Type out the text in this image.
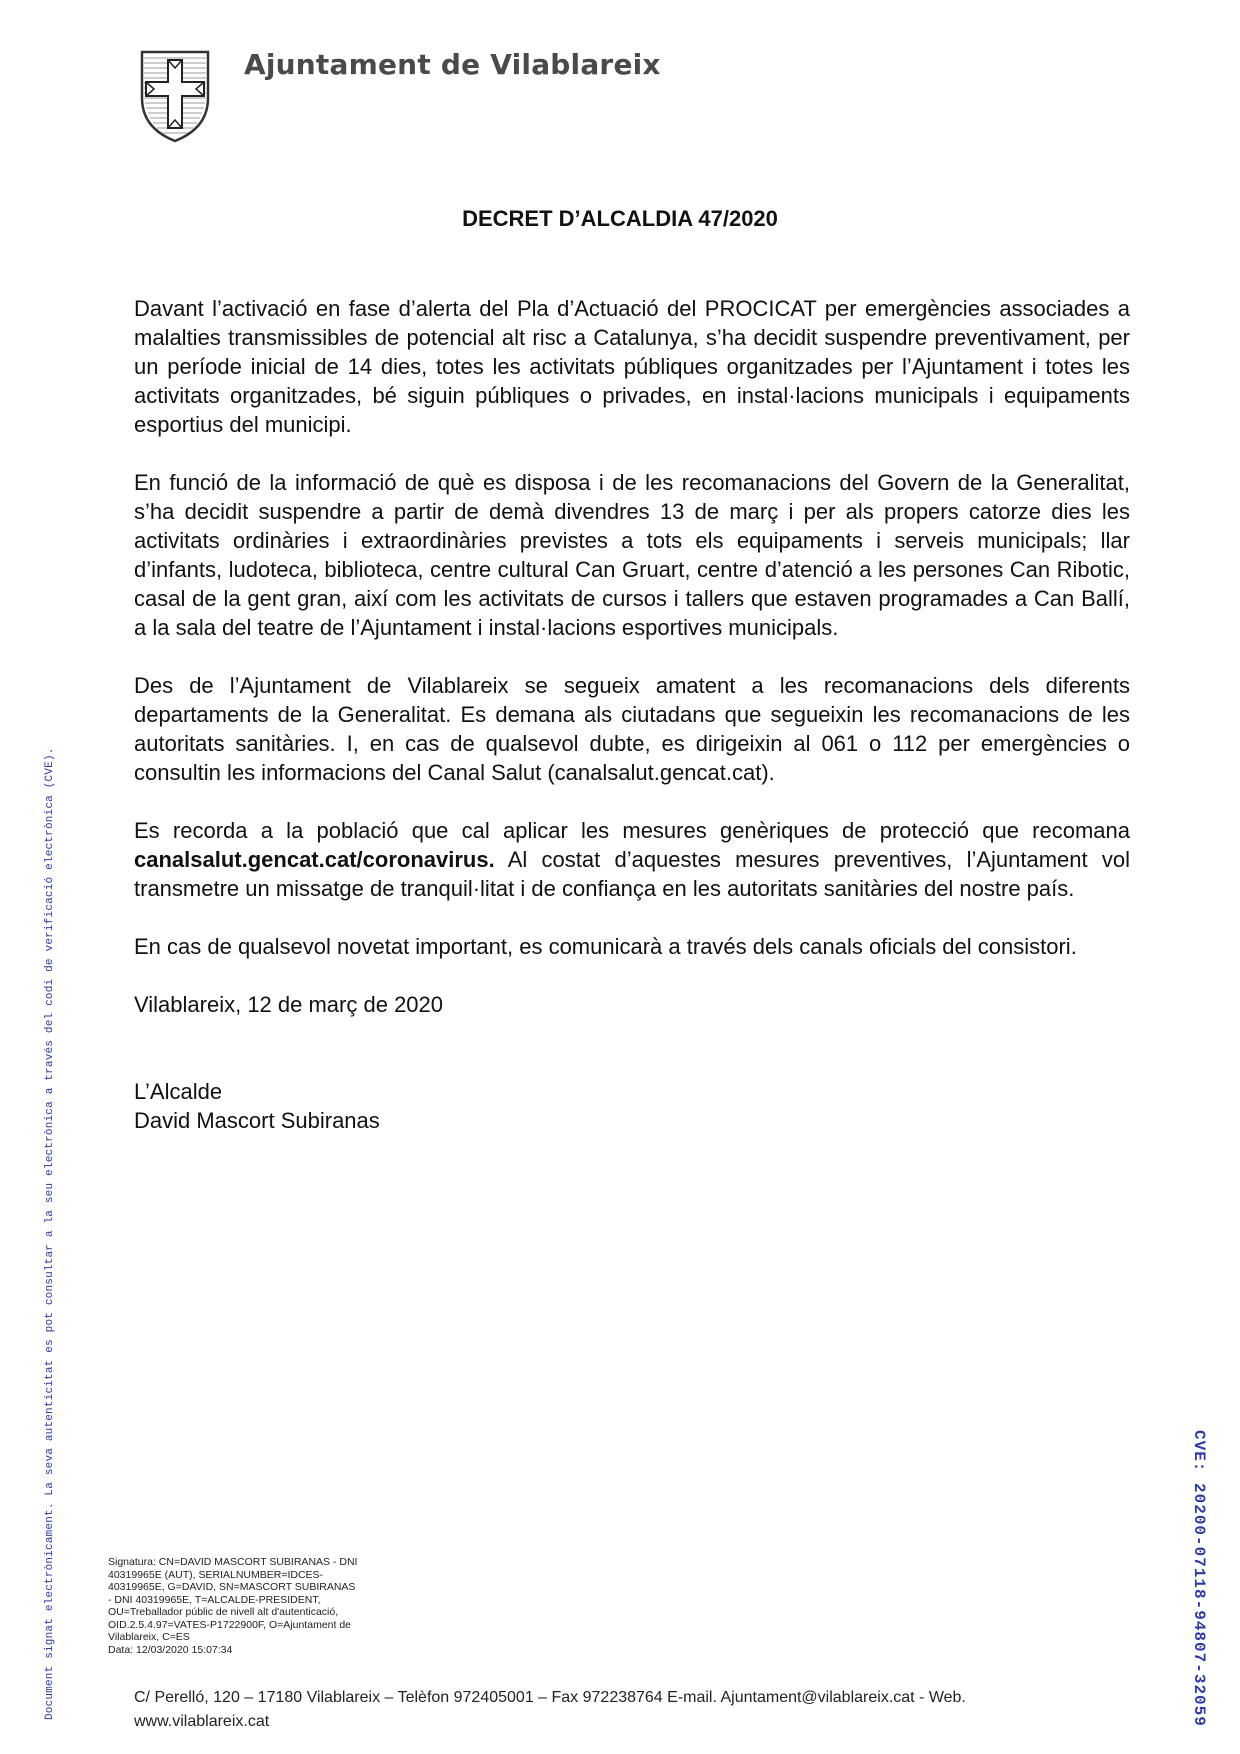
Ajuntament de Vilablareix
DECRET D’ALCALDIA 47/2020

Davant l’activació en fase d’alerta del Pla d’Actuació del PROCICAT per emergències associades a malalties transmissibles de potencial alt risc a Catalunya, s’ha decidit suspendre preventivament, per un període inicial de 14 dies, totes les activitats públiques organitzades per l’Ajuntament i totes les activitats organitzades, bé siguin públiques o privades, en instal·lacions municipals i equipaments esportius del municipi.

En funció de la informació de què es disposa i de les recomanacions del Govern de la Generalitat, s’ha decidit suspendre a partir de demà divendres 13 de març i per als propers catorze dies les activitats ordinàries i extraordinàries previstes a tots els equipaments i serveis municipals; llar d’infants, ludoteca, biblioteca, centre cultural Can Gruart, centre d’atenció a les persones Can Ribotic, casal de la gent gran, així com les activitats de cursos i tallers que estaven programades a Can Ballí, a la sala del teatre de l’Ajuntament i instal·lacions esportives municipals.

Des de l’Ajuntament de Vilablareix se segueix amatent a les recomanacions dels diferents departaments de la Generalitat. Es demana als ciutadans que segueixin les recomanacions de les autoritats sanitàries. I, en cas de qualsevol dubte, es dirigeixin al 061 o 112 per emergències o consultin les informacions del Canal Salut (canalsalut.gencat.cat).

Es recorda a la població que cal aplicar les mesures genèriques de protecció que recomana canalsalut.gencat.cat/coronavirus. Al costat d’aquestes mesures preventives, l’Ajuntament vol transmetre un missatge de tranquil·litat i de confiança en les autoritats sanitàries del nostre país.

En cas de qualsevol novetat important, es comunicarà a través dels canals oficials del consistori.

Vilablareix, 12 de març de 2020
L’Alcalde
David Mascort Subiranas
Document signat electrònicament. La seva autenticitat es pot consultar a la seu electrònica a través del codi de verificació electrònica (CVE).	CVE: 20200-07118-94807-32059
Signatura: CN=DAVID MASCORT SUBIRANAS - DNI
40319965E (AUT), SERIALNUMBER=IDCES-
40319965E, G=DAVID, SN=MASCORT SUBIRANAS
- DNI 40319965E, T=ALCALDE-PRESIDENT,
OU=Treballador públic de nivell alt d'autenticació,
OID.2.5.4.97=VATES-P1722900F, O=Ajuntament de
Vilablareix, C=ES
Data: 12/03/2020 15:07:34
C/ Perelló, 120 – 17180 Vilablareix – Telèfon 972405001 – Fax 972238764 E-mail. Ajuntament@vilablareix.cat - Web. www.vilablareix.cat
